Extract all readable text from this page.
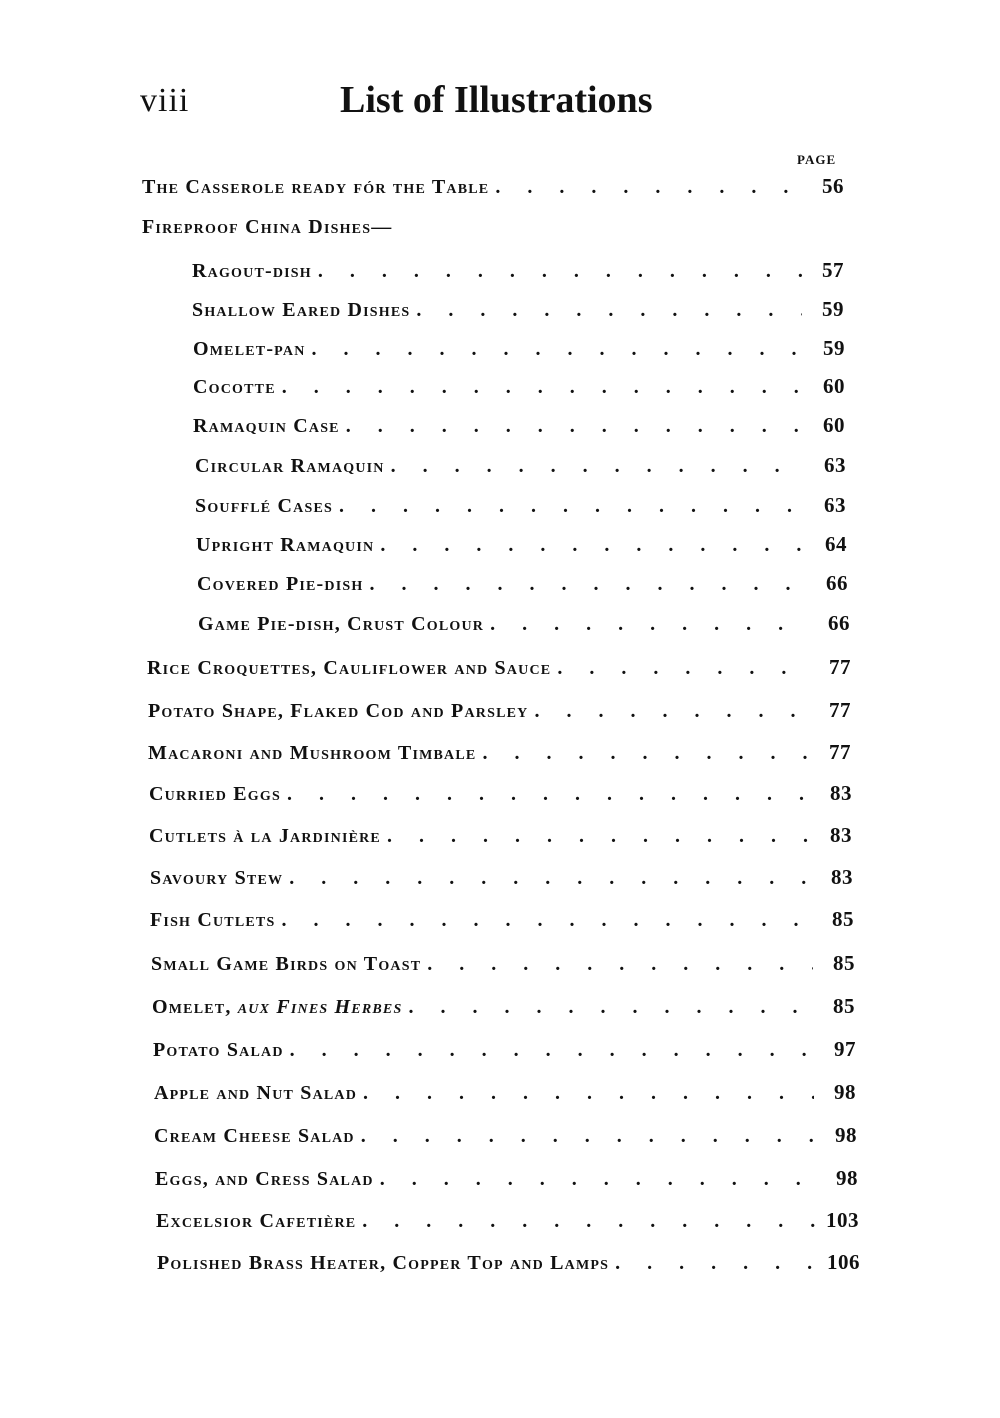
viii	List of Illustrations
PAGE
The Casserole ready fór the Table . . .	56
Fireproof China Dishes—
Ragout-dish . . .	57
Shallow Eared Dishes . . .	59
Omelet-pan . . .	59
Cocotte . . .	60
Ramaquin Case . . .	60
Circular Ramaquin . . .	63
Soufflé Cases . . .	63
Upright Ramaquin . . .	64
Covered Pie-dish . . .	66
Game Pie-dish, Crust Colour . . .	66
Rice Croquettes, Cauliflower and Sauce . . .	77
Potato Shape, Flaked Cod and Parsley . . .	77
Macaroni and Mushroom Timbale . . .	77
Curried Eggs . . .	83
Cutlets à la Jardinière . . .	83
Savoury Stew . . .	83
Fish Cutlets . . .	85
Small Game Birds on Toast . . .	85
Omelet, aux Fines Herbes . . .	85
Potato Salad . . .	97
Apple and Nut Salad . . .	98
Cream Cheese Salad . . .	98
Eggs, and Cress Salad . . .	98
Excelsior Cafetière . . .	103
Polished Brass Heater, Copper Top and Lamps . . .	106
